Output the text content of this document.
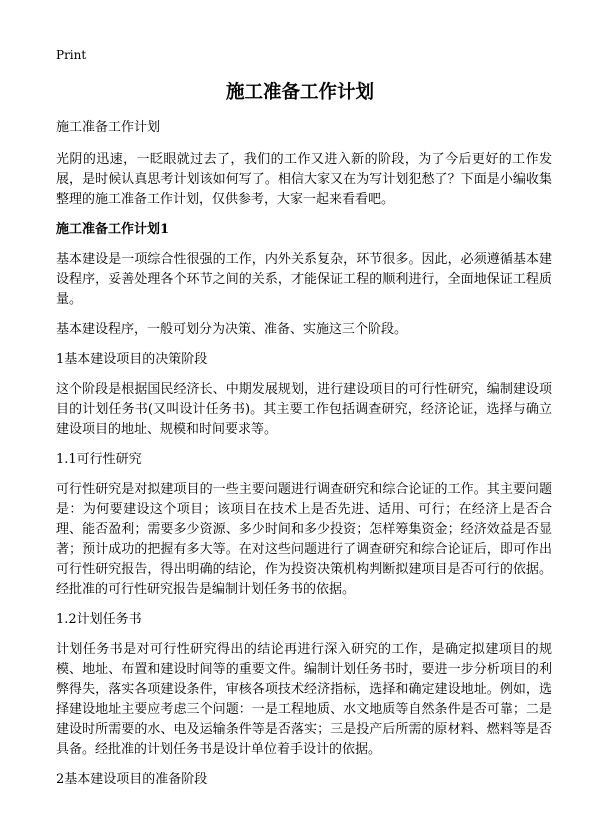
Print
施工准备工作计划

施工准备工作计划

光阴的迅速，一眨眼就过去了，我们的工作又进入新的阶段，为了今后更好的工作发展，是时候认真思考计划该如何写了。相信大家又在为写计划犯愁了？下面是小编收集整理的施工准备工作计划，仅供参考，大家一起来看看吧。

施工准备工作计划1

基本建设是一项综合性很强的工作，内外关系复杂，环节很多。因此，必须遵循基本建设程序，妥善处理各个环节之间的关系，才能保证工程的顺利进行，全面地保证工程质量。

基本建设程序，一般可划分为决策、准备、实施这三个阶段。

1基本建设项目的决策阶段

这个阶段是根据国民经济长、中期发展规划，进行建设项目的可行性研究，编制建设项目的计划任务书(又叫设计任务书)。其主要工作包括调查研究，经济论证，选择与确立建设项目的地址、规模和时间要求等。

1.1可行性研究

可行性研究是对拟建项目的一些主要问题进行调查研究和综合论证的工作。其主要问题是：为何要建设这个项目；该项目在技术上是否先进、适用、可行；在经济上是否合理、能否盈利；需要多少资源、多少时间和多少投资；怎样筹集资金；经济效益是否显著；预计成功的把握有多大等。在对这些问题进行了调查研究和综合论证后，即可作出可行性研究报告，得出明确的结论，作为投资决策机构判断拟建项目是否可行的依据。经批准的可行性研究报告是编制计划任务书的依据。

1.2计划任务书

计划任务书是对可行性研究得出的结论再进行深入研究的工作，是确定拟建项目的规模、地址、布置和建设时间等的重要文件。编制计划任务书时，要进一步分析项目的利弊得失，落实各项建设条件，审核各项技术经济指标，选择和确定建设地址。例如，选择建设地址主要应考虑三个问题：一是工程地质、水文地质等自然条件是否可靠；二是建设时所需要的水、电及运输条件等是否落实；三是投产后所需的原材料、燃料等是否具备。经批准的计划任务书是设计单位着手设计的依据。

2基本建设项目的准备阶段
